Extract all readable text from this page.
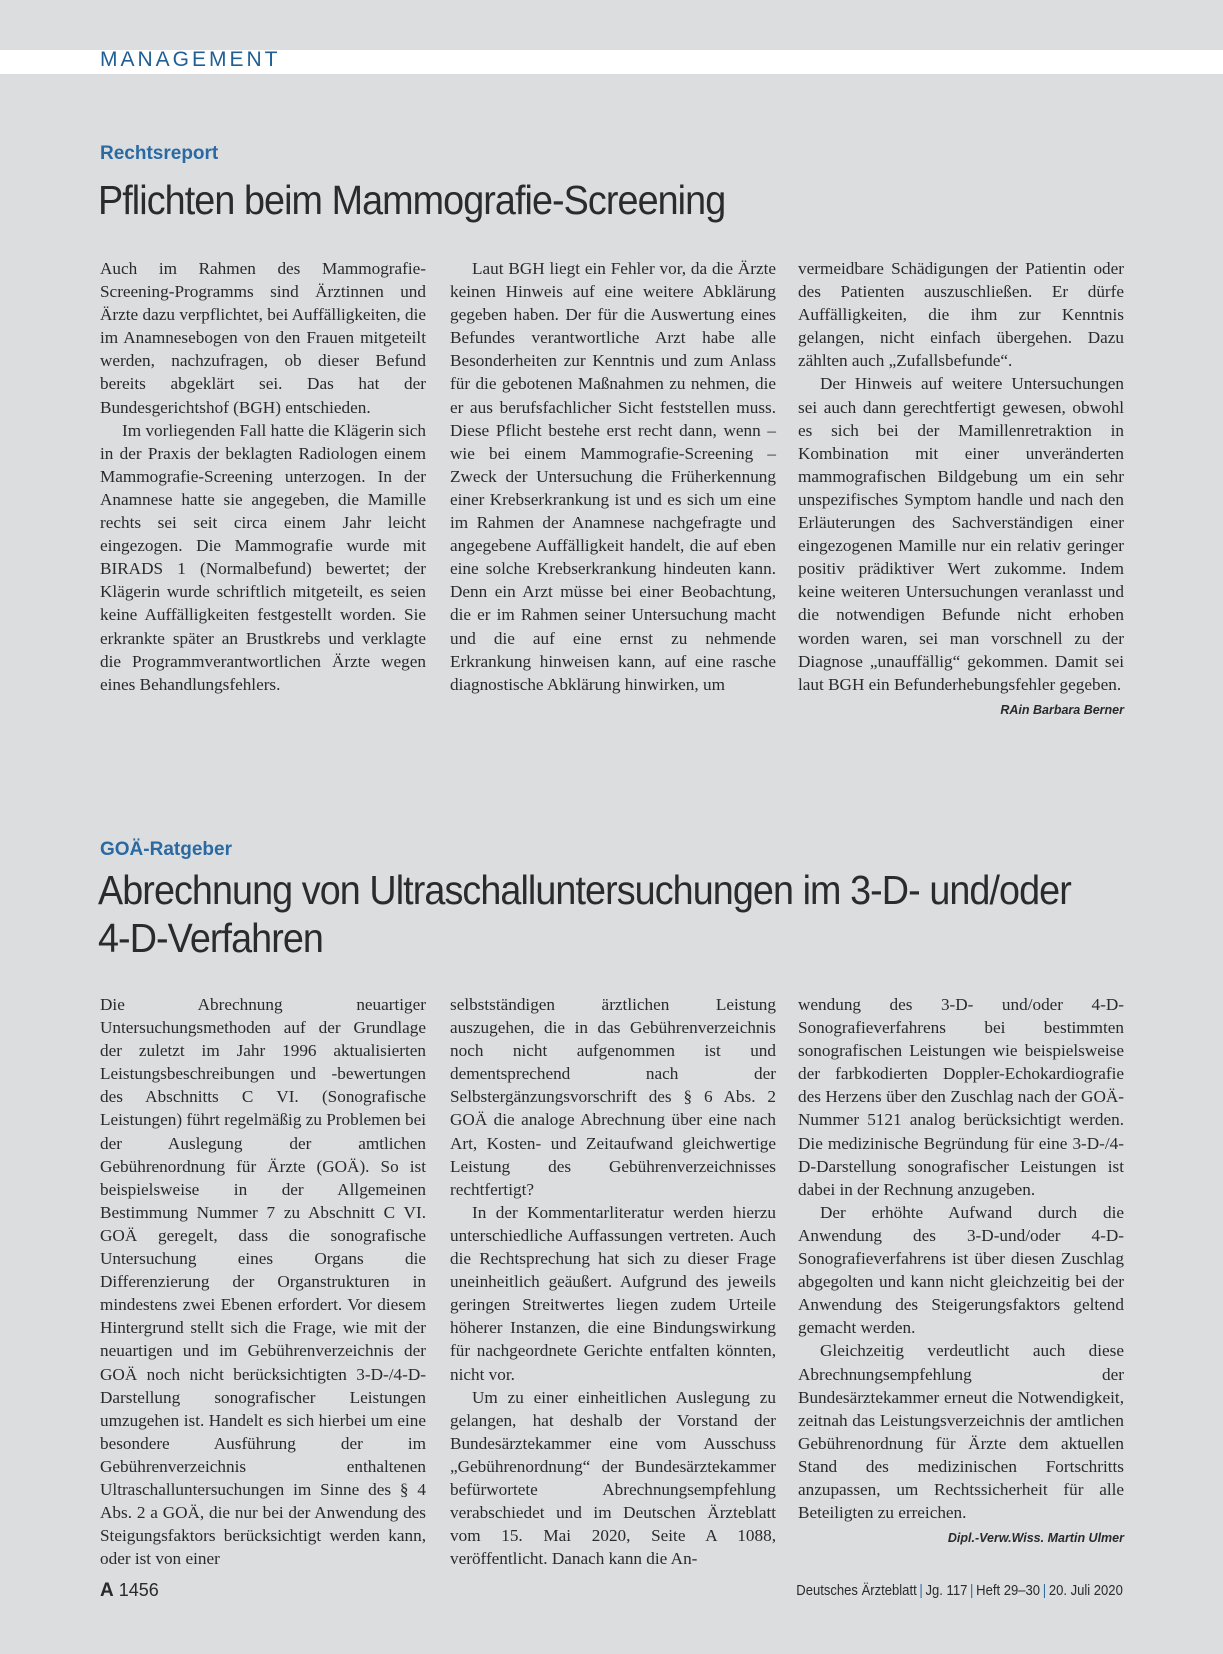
MANAGEMENT
Rechtsreport
Pflichten beim Mammografie-Screening

Auch im Rahmen des Mammografie-Screening-Programms sind Ärztinnen und Ärzte dazu verpflichtet, bei Auffälligkeiten, die im Anamnesebogen von den Frauen mitgeteilt werden, nachzufragen, ob dieser Befund bereits abgeklärt sei. Das hat der Bundesgerichtshof (BGH) entschieden.

Im vorliegenden Fall hatte die Klägerin sich in der Praxis der beklagten Radiologen einem Mammografie-Screening unterzogen. In der Anamnese hatte sie angegeben, die Mamille rechts sei seit circa einem Jahr leicht eingezogen. Die Mammografie wurde mit BIRADS 1 (Normalbefund) bewertet; der Klägerin wurde schriftlich mitgeteilt, es seien keine Auffälligkeiten festgestellt worden. Sie erkrankte später an Brustkrebs und verklagte die Programmverantwortlichen Ärzte wegen eines Behandlungsfehlers.

Laut BGH liegt ein Fehler vor, da die Ärzte keinen Hinweis auf eine weitere Abklärung gegeben haben. Der für die Auswertung eines Befundes verantwortliche Arzt habe alle Besonderheiten zur Kenntnis und zum Anlass für die gebotenen Maßnahmen zu nehmen, die er aus berufsfachlicher Sicht feststellen muss. Diese Pflicht bestehe erst recht dann, wenn – wie bei einem Mammografie-Screening – Zweck der Untersuchung die Früherkennung einer Krebserkrankung ist und es sich um eine im Rahmen der Anamnese nachgefragte und angegebene Auffälligkeit handelt, die auf eben eine solche Krebserkrankung hindeuten kann. Denn ein Arzt müsse bei einer Beobachtung, die er im Rahmen seiner Untersuchung macht und die auf eine ernst zu nehmende Erkrankung hinweisen kann, auf eine rasche diagnostische Abklärung hinwirken, um

vermeidbare Schädigungen der Patientin oder des Patienten auszuschließen. Er dürfe Auffälligkeiten, die ihm zur Kenntnis gelangen, nicht einfach übergehen. Dazu zählten auch „Zufallsbefunde“.

Der Hinweis auf weitere Untersuchungen sei auch dann gerechtfertigt gewesen, obwohl es sich bei der Mamillenretraktion in Kombination mit einer unveränderten mammografischen Bildgebung um ein sehr unspezifisches Symptom handle und nach den Erläuterungen des Sachverständigen einer eingezogenen Mamille nur ein relativ geringer positiv prädiktiver Wert zukomme. Indem keine weiteren Untersuchungen veranlasst und die notwendigen Befunde nicht erhoben worden waren, sei man vorschnell zu der Diagnose „unauffällig“ gekommen. Damit sei laut BGH ein Befunderhebungsfehler gegeben.
RAin Barbara Berner

GOÄ-Ratgeber
Abrechnung von Ultraschalluntersuchungen im 3-D- und/oder
4-D-Verfahren

Die Abrechnung neuartiger Untersuchungsmethoden auf der Grundlage der zuletzt im Jahr 1996 aktualisierten Leistungsbeschreibungen und -bewertungen des Abschnitts C VI. (Sonografische Leistungen) führt regelmäßig zu Problemen bei der Auslegung der amtlichen Gebührenordnung für Ärzte (GOÄ). So ist beispielsweise in der Allgemeinen Bestimmung Nummer 7 zu Abschnitt C VI. GOÄ geregelt, dass die sonografische Untersuchung eines Organs die Differenzierung der Organstrukturen in mindestens zwei Ebenen erfordert. Vor diesem Hintergrund stellt sich die Frage, wie mit der neuartigen und im Gebührenverzeichnis der GOÄ noch nicht berücksichtigten 3-D-/4-D-Darstellung sonografischer Leistungen umzugehen ist. Handelt es sich hierbei um eine besondere Ausführung der im Gebührenverzeichnis enthaltenen Ultraschalluntersuchungen im Sinne des § 4 Abs. 2 a GOÄ, die nur bei der Anwendung des Steigungsfaktors berücksichtigt werden kann, oder ist von einer

selbstständigen ärztlichen Leistung auszugehen, die in das Gebührenverzeichnis noch nicht aufgenommen ist und dementsprechend nach der Selbstergänzungsvorschrift des § 6 Abs. 2 GOÄ die analoge Abrechnung über eine nach Art, Kosten- und Zeitaufwand gleichwertige Leistung des Gebührenverzeichnisses rechtfertigt?

In der Kommentarliteratur werden hierzu unterschiedliche Auffassungen vertreten. Auch die Rechtsprechung hat sich zu dieser Frage uneinheitlich geäußert. Aufgrund des jeweils geringen Streitwertes liegen zudem Urteile höherer Instanzen, die eine Bindungswirkung für nachgeordnete Gerichte entfalten könnten, nicht vor.

Um zu einer einheitlichen Auslegung zu gelangen, hat deshalb der Vorstand der Bundesärztekammer eine vom Ausschuss „Gebührenordnung“ der Bundesärztekammer befürwortete Abrechnungsempfehlung verabschiedet und im Deutschen Ärzteblatt vom 15. Mai 2020, Seite A 1088, veröffentlicht. Danach kann die An-

wendung des 3-D- und/oder 4-D-Sonografieverfahrens bei bestimmten sonografischen Leistungen wie beispielsweise der farbkodierten Doppler-Echokardiografie des Herzens über den Zuschlag nach der GOÄ-Nummer 5121 analog berücksichtigt werden. Die medizinische Begründung für eine 3-D-/4-D-Darstellung sonografischer Leistungen ist dabei in der Rechnung anzugeben.

Der erhöhte Aufwand durch die Anwendung des 3-D-und/oder 4-D-Sonografieverfahrens ist über diesen Zuschlag abgegolten und kann nicht gleichzeitig bei der Anwendung des Steigerungsfaktors geltend gemacht werden.

Gleichzeitig verdeutlicht auch diese Abrechnungsempfehlung der Bundesärztekammer erneut die Notwendigkeit, zeitnah das Leistungsverzeichnis der amtlichen Gebührenordnung für Ärzte dem aktuellen Stand des medizinischen Fortschritts anzupassen, um Rechtssicherheit für alle Beteiligten zu erreichen.
Dipl.-Verw.Wiss. Martin Ulmer

A 1456	Deutsches Ärzteblatt | Jg. 117 | Heft 29–30 | 20. Juli 2020
